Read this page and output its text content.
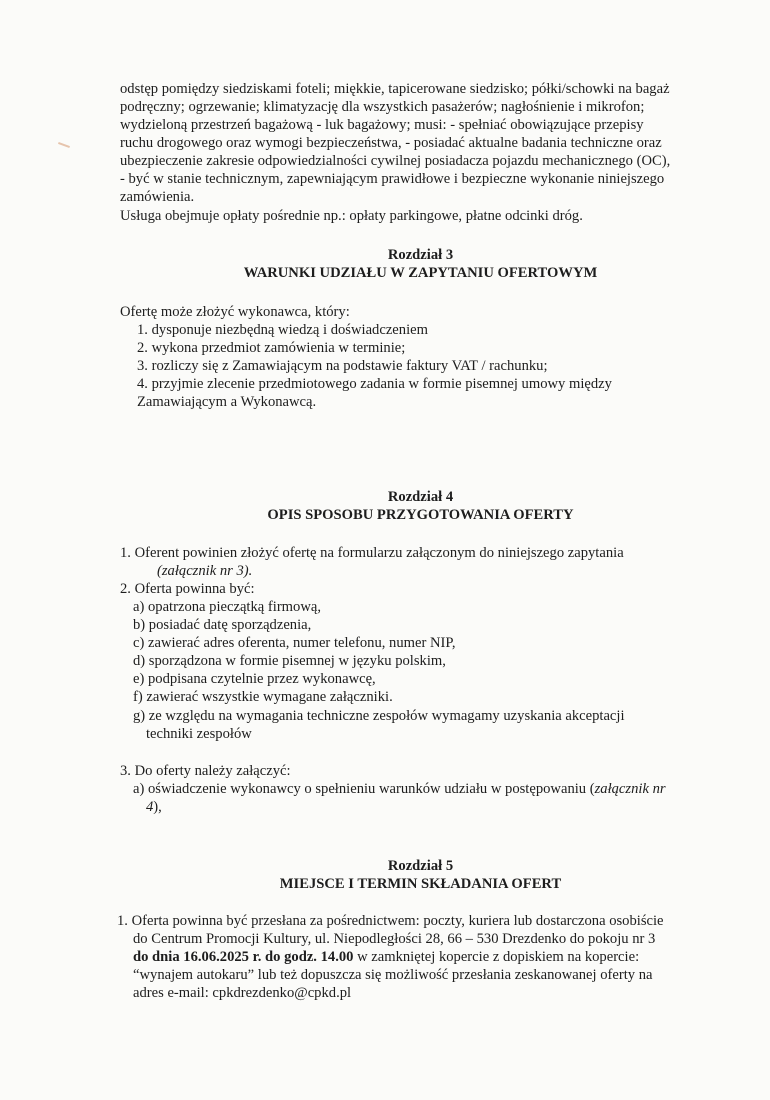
odstęp pomiędzy siedziskami foteli; miękkie, tapicerowane siedzisko; półki/schowki na bagaż

podręczny; ogrzewanie; klimatyzację dla wszystkich pasażerów; nagłośnienie i mikrofon;

wydzieloną przestrzeń bagażową - luk bagażowy; musi: - spełniać obowiązujące przepisy

ruchu drogowego oraz wymogi bezpieczeństwa, - posiadać aktualne badania techniczne oraz

ubezpieczenie zakresie odpowiedzialności cywilnej posiadacza pojazdu mechanicznego (OC),

- być w stanie technicznym, zapewniającym prawidłowe i bezpieczne wykonanie niniejszego

zamówienia.

Usługa obejmuje opłaty pośrednie np.: opłaty parkingowe, płatne odcinki dróg.

Rozdział 3
WARUNKI UDZIAŁU W ZAPYTANIU OFERTOWYM

Ofertę może złożyć wykonawca, który:

1. dysponuje niezbędną wiedzą i doświadczeniem

2. wykona przedmiot zamówienia w terminie;

3. rozliczy się z Zamawiającym na podstawie faktury VAT / rachunku;

4. przyjmie zlecenie przedmiotowego zadania w formie pisemnej umowy między

Zamawiającym a Wykonawcą.

Rozdział 4
OPIS SPOSOBU PRZYGOTOWANIA OFERTY

1. Oferent powinien złożyć ofertę na formularzu załączonym do niniejszego zapytania

(załącznik nr 3).

2. Oferta powinna być:

a) opatrzona pieczątką firmową,

b) posiadać datę sporządzenia,

c) zawierać adres oferenta, numer telefonu, numer NIP,

d) sporządzona w formie pisemnej w języku polskim,

e) podpisana czytelnie przez wykonawcę,

f) zawierać wszystkie wymagane załączniki.

g) ze względu na wymagania techniczne zespołów wymagamy uzyskania akceptacji

techniki zespołów

3. Do oferty należy załączyć:

a) oświadczenie wykonawcy o spełnieniu warunków udziału w postępowaniu (załącznik nr

4),

Rozdział 5
MIEJSCE I TERMIN SKŁADANIA OFERT

1. Oferta powinna być przesłana za pośrednictwem: poczty, kuriera lub dostarczona osobiście

do Centrum Promocji Kultury, ul. Niepodległości 28, 66 – 530 Drezdenko do pokoju nr 3

do dnia 16.06.2025 r. do godz. 14.00 w zamkniętej kopercie z dopiskiem na kopercie:

“wynajem autokaru” lub też dopuszcza się możliwość przesłania zeskanowanej oferty na

adres e-mail: cpkdrezdenko@cpkd.pl
